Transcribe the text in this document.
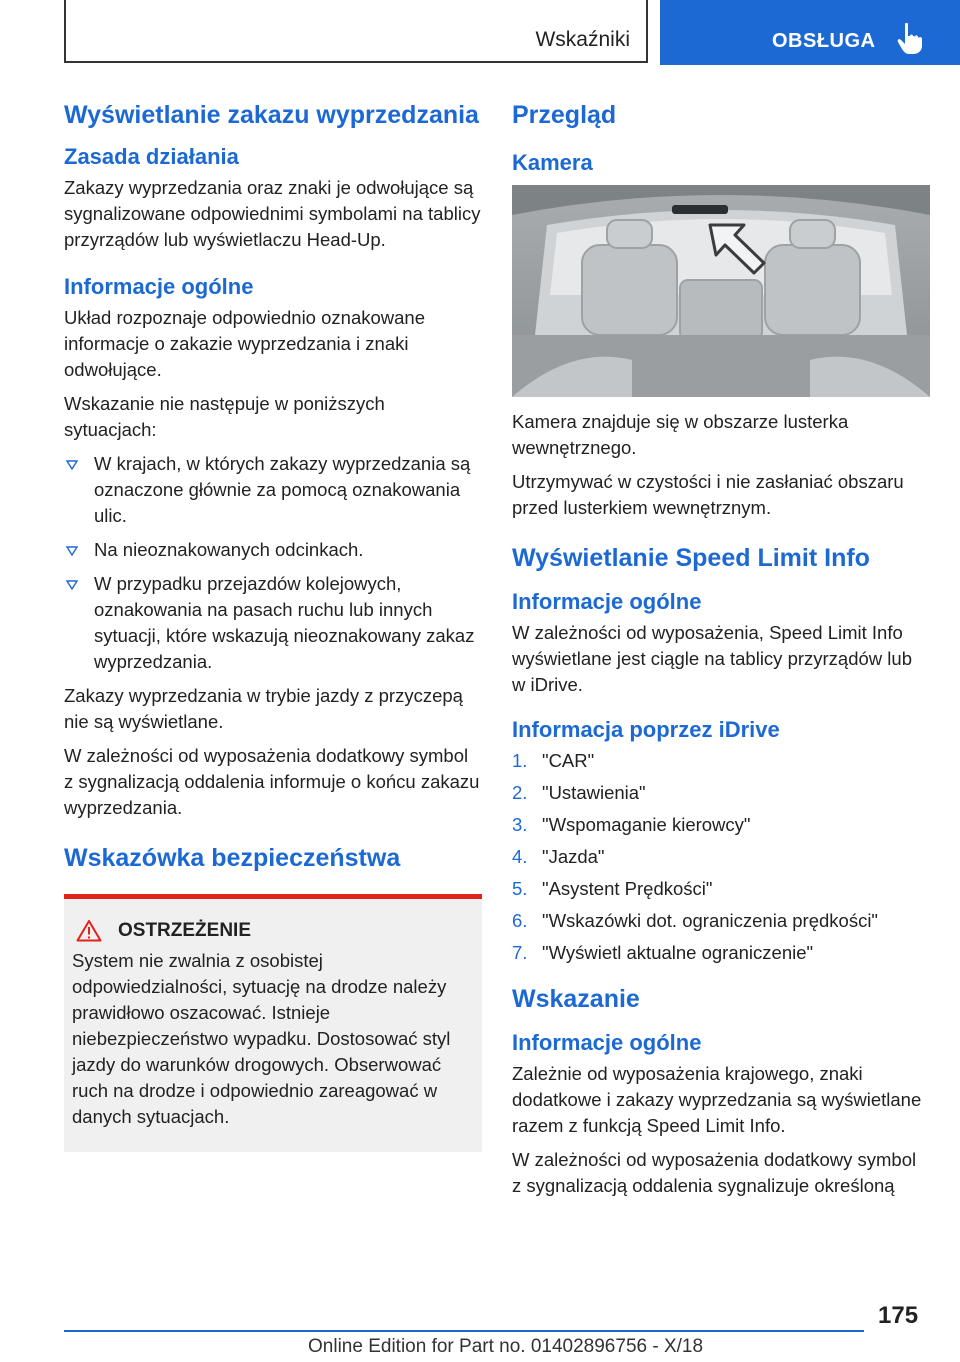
Wskaźniki	OBSŁUGA
Wyświetlanie zakazu wyprzedzania
Zasada działania

Zakazy wyprzedzania oraz znaki je odwołujące są sygnalizowane odpowiednimi symbolami na tablicy przyrządów lub wyświetlaczu Head-Up.

Informacje ogólne

Układ rozpoznaje odpowiednio oznakowane informacje o zakazie wyprzedzania i znaki odwołujące.

Wskazanie nie następuje w poniższych sytuacjach:

W krajach, w których zakazy wyprzedzania są oznaczone głównie za pomocą oznakowania ulic.
Na nieoznakowanych odcinkach.
W przypadku przejazdów kolejowych, oznakowania na pasach ruchu lub innych sytuacji, które wskazują nieoznakowany zakaz wyprzedzania.

Zakazy wyprzedzania w trybie jazdy z przyczepą nie są wyświetlane.

W zależności od wyposażenia dodatkowy symbol z sygnalizacją oddalenia informuje o końcu zakazu wyprzedzania.

Wskazówka bezpieczeństwa
OSTRZEŻENIE

System nie zwalnia z osobistej odpowiedzialności, sytuację na drodze należy prawidłowo oszacować. Istnieje niebezpieczeństwo wypadku. Dostosować styl jazdy do warunków drogowych. Obserwować ruch na drodze i odpowiednio zareagować w danych sytuacjach.

Przegląd
Kamera

Kamera znajduje się w obszarze lusterka wewnętrznego.

Utrzymywać w czystości i nie zasłaniać obszaru przed lusterkiem wewnętrznym.

Wyświetlanie Speed Limit Info
Informacje ogólne

W zależności od wyposażenia, Speed Limit Info wyświetlane jest ciągle na tablicy przyrządów lub w iDrive.

Informacja poprzez iDrive
1. "CAR"
2. "Ustawienia"
3. "Wspomaganie kierowcy"
4. "Jazda"
5. "Asystent Prędkości"
6. "Wskazówki dot. ograniczenia prędkości"
7. "Wyświetl aktualne ograniczenie"
Wskazanie
Informacje ogólne

Zależnie od wyposażenia krajowego, znaki dodatkowe i zakazy wyprzedzania są wyświetlane razem z funkcją Speed Limit Info.

W zależności od wyposażenia dodatkowy symbol z sygnalizacją oddalenia sygnalizuje określoną

175
Online Edition for Part no. 01402896756 - X/18
